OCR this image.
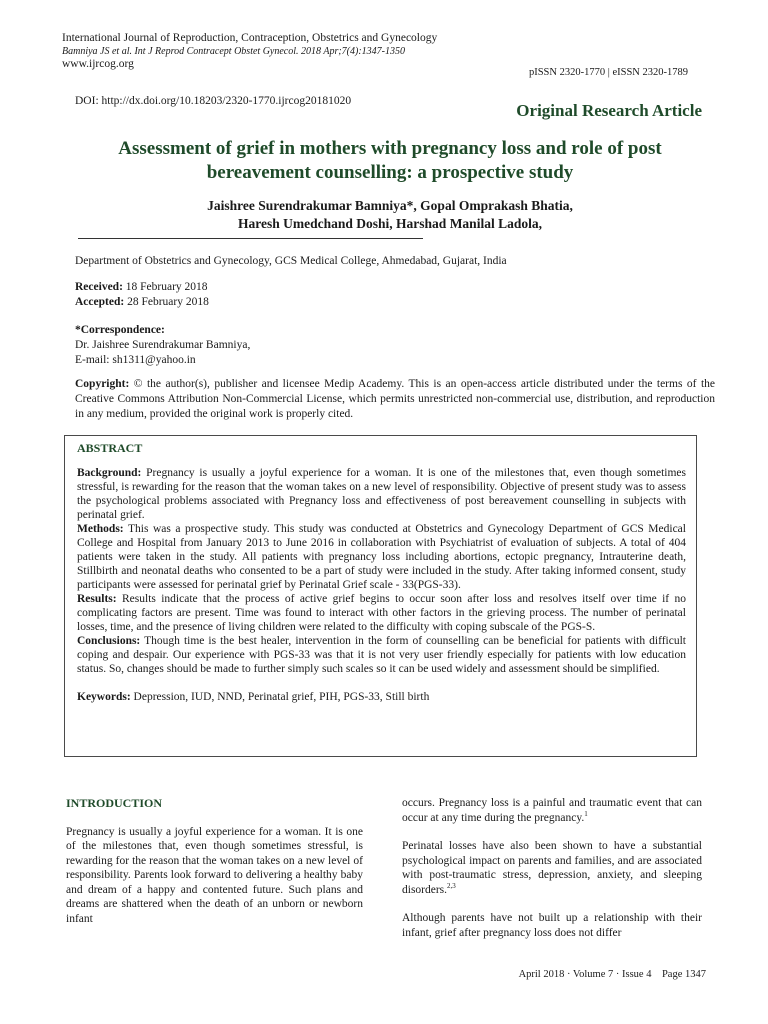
International Journal of Reproduction, Contraception, Obstetrics and Gynecology
Bamniya JS et al. Int J Reprod Contracept Obstet Gynecol. 2018 Apr;7(4):1347-1350
www.ijrcog.org
pISSN 2320-1770 | eISSN 2320-1789
DOI: http://dx.doi.org/10.18203/2320-1770.ijrcog20181020	Original Research Article
Assessment of grief in mothers with pregnancy loss and role of post
bereavement counselling: a prospective study
Jaishree Surendrakumar Bamniya*, Gopal Omprakash Bhatia,
Haresh Umedchand Doshi, Harshad Manilal Ladola,
Department of Obstetrics and Gynecology, GCS Medical College, Ahmedabad, Gujarat, India
Received: 18 February 2018
Accepted: 28 February 2018
*Correspondence:
Dr. Jaishree Surendrakumar Bamniya,
E-mail: sh1311@yahoo.in
Copyright: © the author(s), publisher and licensee Medip Academy. This is an open-access article distributed under the terms of the Creative Commons Attribution Non-Commercial License, which permits unrestricted non-commercial use, distribution, and reproduction in any medium, provided the original work is properly cited.

ABSTRACT

Background: Pregnancy is usually a joyful experience for a woman. It is one of the milestones that, even though sometimes stressful, is rewarding for the reason that the woman takes on a new level of responsibility. Objective of present study was to assess the psychological problems associated with Pregnancy loss and effectiveness of post bereavement counselling in subjects with perinatal grief.

Methods: This was a prospective study. This study was conducted at Obstetrics and Gynecology Department of GCS Medical College and Hospital from January 2013 to June 2016 in collaboration with Psychiatrist of evaluation of subjects. A total of 404 patients were taken in the study. All patients with pregnancy loss including abortions, ectopic pregnancy, Intrauterine death, Stillbirth and neonatal deaths who consented to be a part of study were included in the study. After taking informed consent, study participants were assessed for perinatal grief by Perinatal Grief scale - 33(PGS-33).

Results: Results indicate that the process of active grief begins to occur soon after loss and resolves itself over time if no complicating factors are present. Time was found to interact with other factors in the grieving process. The number of perinatal losses, time, and the presence of living children were related to the difficulty with coping subscale of the PGS-S.

Conclusions: Though time is the best healer, intervention in the form of counselling can be beneficial for patients with difficult coping and despair. Our experience with PGS-33 was that it is not very user friendly especially for patients with low education status. So, changes should be made to further simply such scales so it can be used widely and assessment should be simplified.

Keywords: Depression, IUD, NND, Perinatal grief, PIH, PGS-33, Still birth

INTRODUCTION

Pregnancy is usually a joyful experience for a woman. It is one of the milestones that, even though sometimes stressful, is rewarding for the reason that the woman takes on a new level of responsibility. Parents look forward to delivering a healthy baby and dream of a happy and contented future. Such plans and dreams are shattered when the death of an unborn or newborn infant

occurs. Pregnancy loss is a painful and traumatic event that can occur at any time during the pregnancy.$^1$

Perinatal losses have also been shown to have a substantial psychological impact on parents and families, and are associated with post-traumatic stress, depression, anxiety, and sleeping disorders.$^{2,3}$

Although parents have not built up a relationship with their infant, grief after pregnancy loss does not differ

April 2018 · Volume 7 · Issue 4    Page 1347
